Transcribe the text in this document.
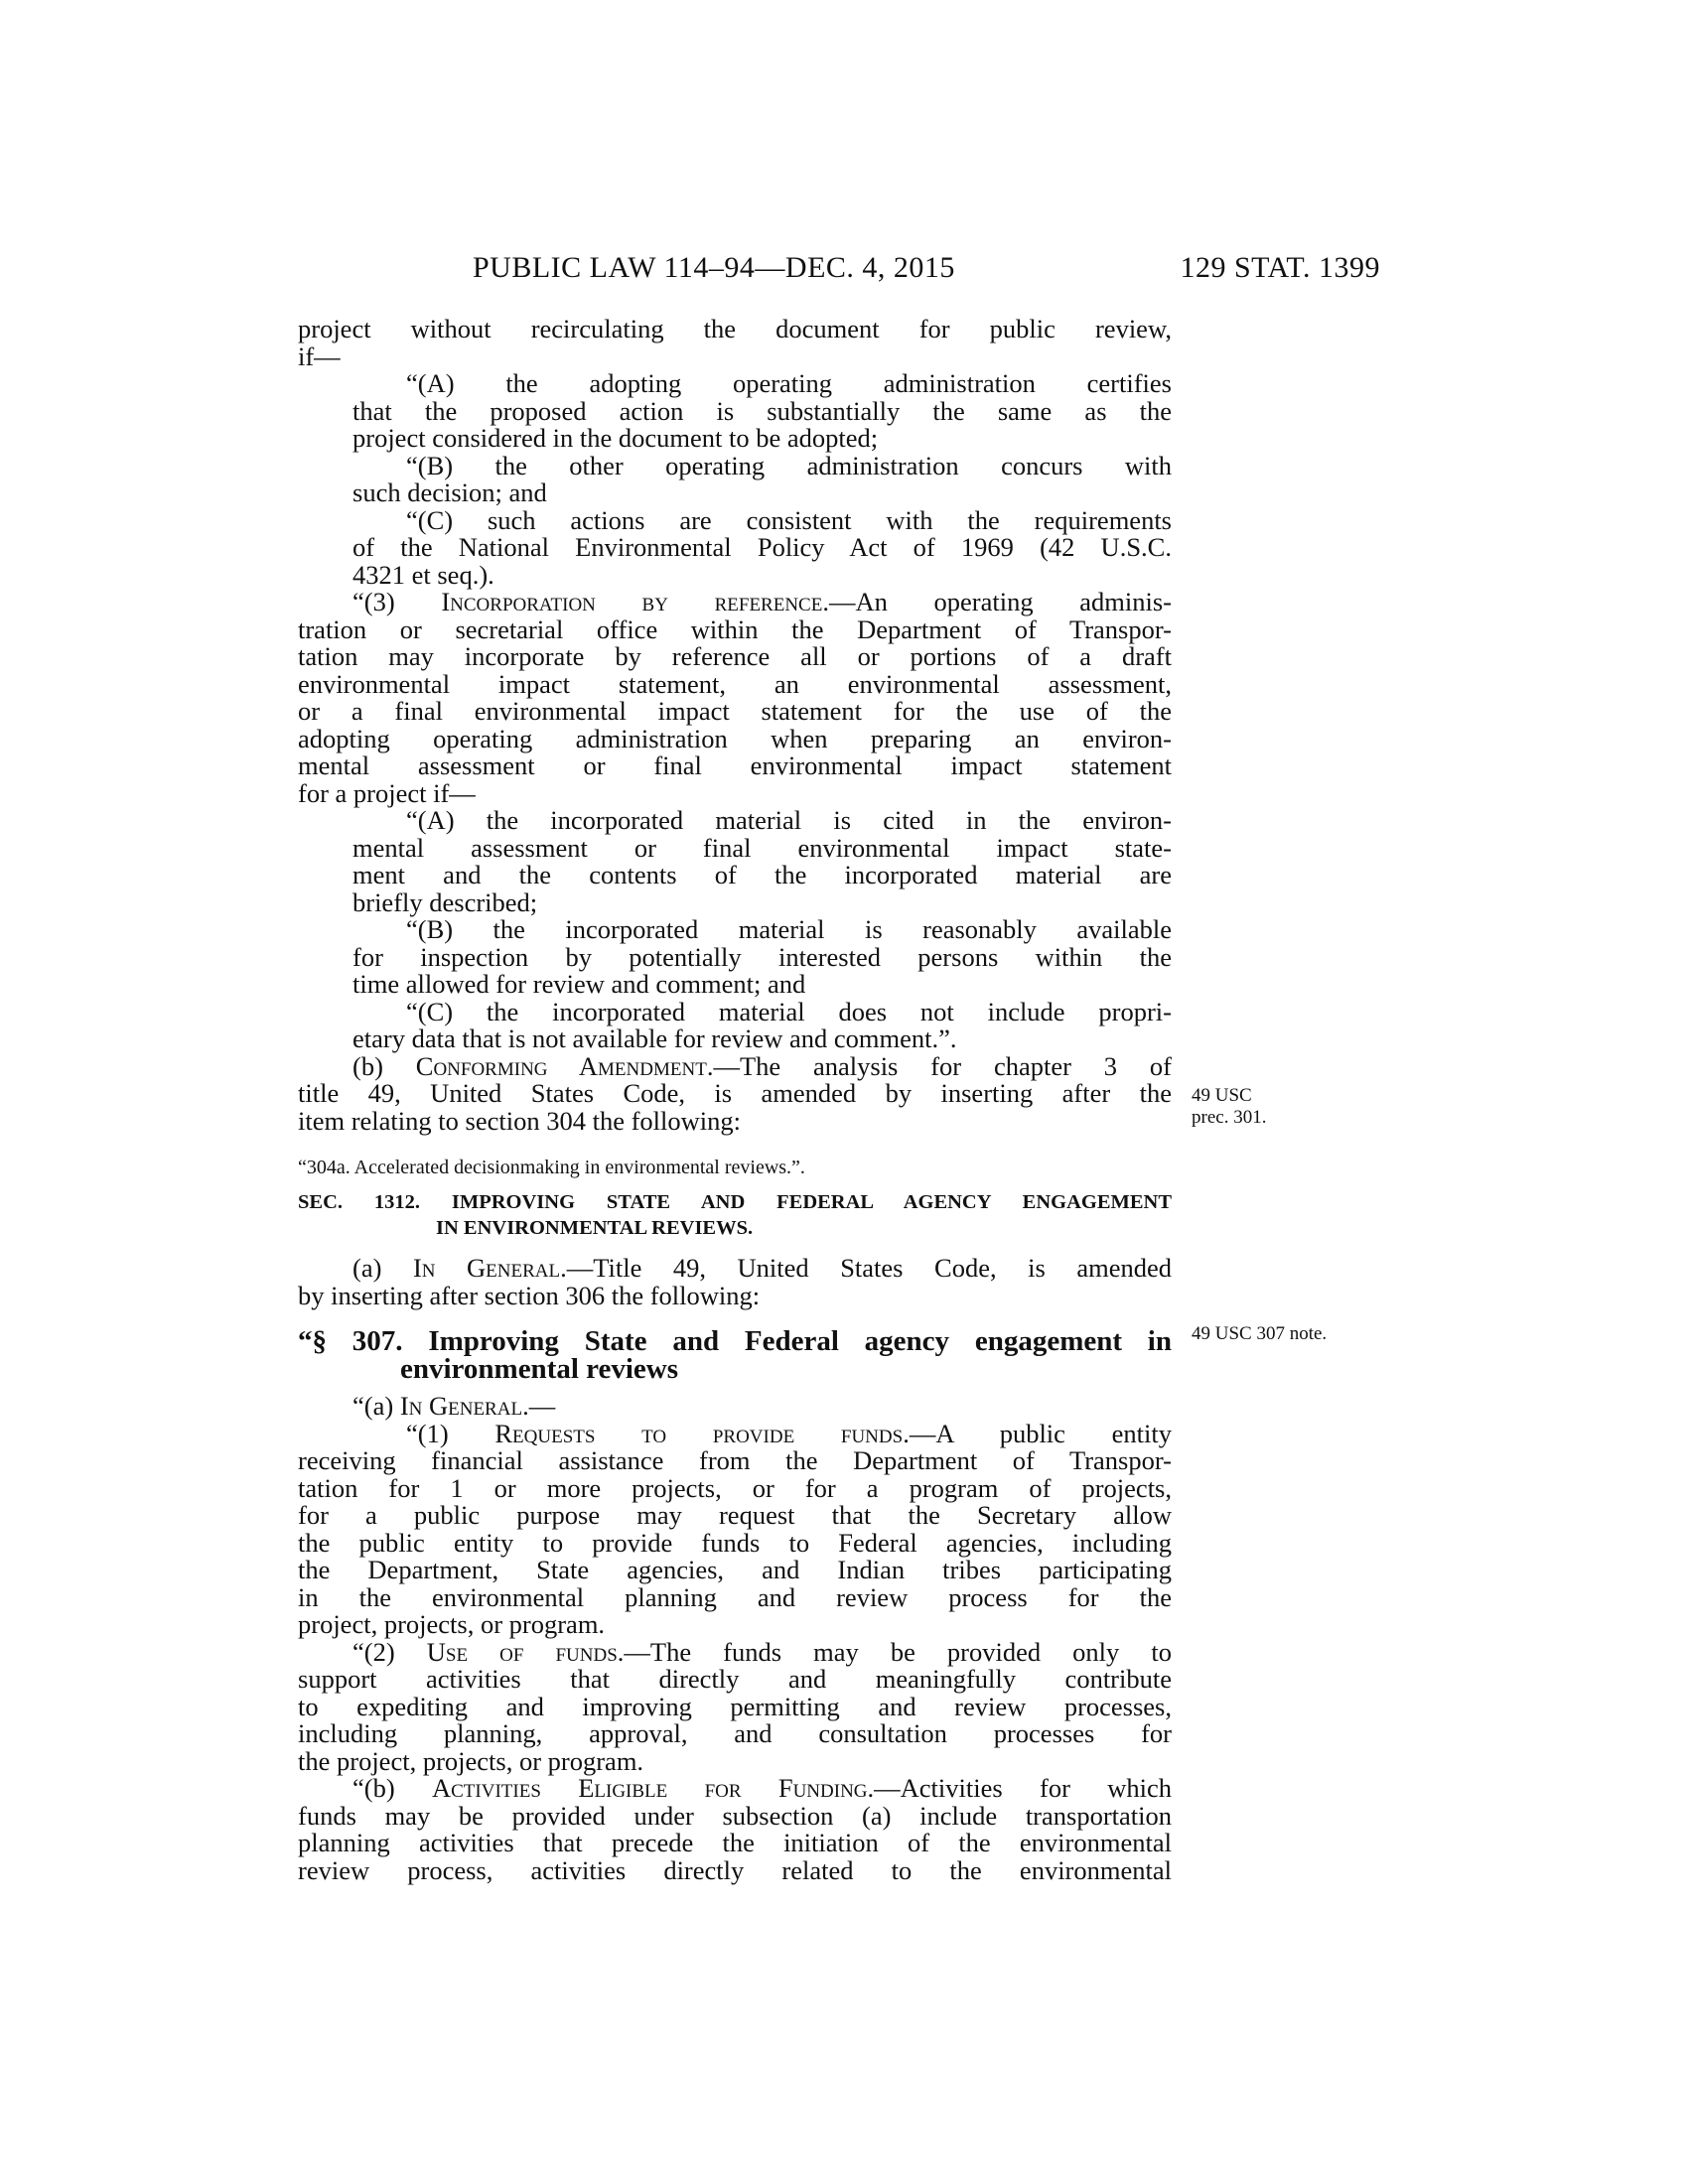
PUBLIC LAW 114–94—DEC. 4, 2015	129 STAT. 1399
project without recirculating the document for public review,
if—
“(A) the adopting operating administration certifies
that the proposed action is substantially the same as the
project considered in the document to be adopted;
“(B) the other operating administration concurs with
such decision; and
“(C) such actions are consistent with the requirements
of the National Environmental Policy Act of 1969 (42 U.S.C.
4321 et seq.).
“(3) Incorporation by reference.—An operating adminis-
tration or secretarial office within the Department of Transpor-
tation may incorporate by reference all or portions of a draft
environmental impact statement, an environmental assessment,
or a final environmental impact statement for the use of the
adopting operating administration when preparing an environ-
mental assessment or final environmental impact statement
for a project if—
“(A) the incorporated material is cited in the environ-
mental assessment or final environmental impact state-
ment and the contents of the incorporated material are
briefly described;
“(B) the incorporated material is reasonably available
for inspection by potentially interested persons within the
time allowed for review and comment; and
“(C) the incorporated material does not include propri-
etary data that is not available for review and comment.”.
(b) Conforming Amendment.—The analysis for chapter 3 of
title 49, United States Code, is amended by inserting after the
item relating to section 304 the following:
“304a. Accelerated decisionmaking in environmental reviews.”.
SEC. 1312. IMPROVING STATE AND FEDERAL AGENCY ENGAGEMENT
IN ENVIRONMENTAL REVIEWS.
(a) In General.—Title 49, United States Code, is amended
by inserting after section 306 the following:
“§ 307. Improving State and Federal agency engagement in
environmental reviews
“(a) In General.—
“(1) Requests to provide funds.—A public entity
receiving financial assistance from the Department of Transpor-
tation for 1 or more projects, or for a program of projects,
for a public purpose may request that the Secretary allow
the public entity to provide funds to Federal agencies, including
the Department, State agencies, and Indian tribes participating
in the environmental planning and review process for the
project, projects, or program.
“(2) Use of funds.—The funds may be provided only to
support activities that directly and meaningfully contribute
to expediting and improving permitting and review processes,
including planning, approval, and consultation processes for
the project, projects, or program.
“(b) Activities Eligible for Funding.—Activities for which
funds may be provided under subsection (a) include transportation
planning activities that precede the initiation of the environmental
review process, activities directly related to the environmental
49 USC
prec. 301.
49 USC 307 note.
